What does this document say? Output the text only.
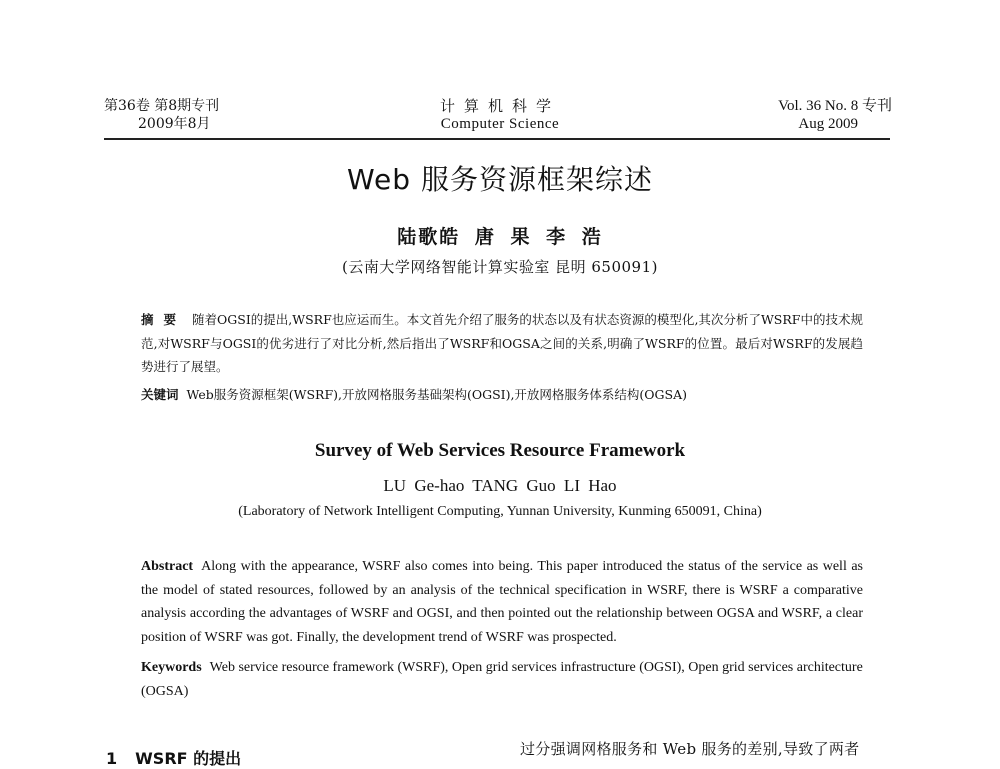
第36卷 第8期专刊
2009年8月
计算机科学
Computer Science
Vol. 36 No. 8 专刊
Aug 2009
Web 服务资源框架综述
陆歌皓 唐 果 李 浩
(云南大学网络智能计算实验室 昆明 650091)
摘要 随着OGSI的提出,WSRF也应运而生。本文首先介绍了服务的状态以及有状态资源的模型化,其次分析了WSRF中的技术规范,对WSRF与OGSI的优劣进行了对比分析,然后指出了WSRF和OGSA之间的关系,明确了WSRF的位置。最后对WSRF的发展趋势进行了展望。
关键词 Web服务资源框架(WSRF),开放网格服务基础架构(OGSI),开放网格服务体系结构(OGSA)
Survey of Web Services Resource Framework
LU Ge-hao TANG Guo LI Hao
(Laboratory of Network Intelligent Computing, Yunnan University, Kunming 650091, China)
Abstract Along with the appearance, WSRF also comes into being. This paper introduced the status of the service as well as the model of stated resources, followed by an analysis of the technical specification in WSRF, there is WSRF a comparative analysis according the advantages of WSRF and OGSI, and then pointed out the relationship between OGSA and WSRF, a clear position of WSRF was got. Finally, the development trend of WSRF was prospected.
Keywords Web service resource framework (WSRF), Open grid services infrastructure (OGSI), Open grid services architecture (OGSA)
1 WSRF 的提出	过分强调网格服务和 Web 服务的差别,导致了两者
